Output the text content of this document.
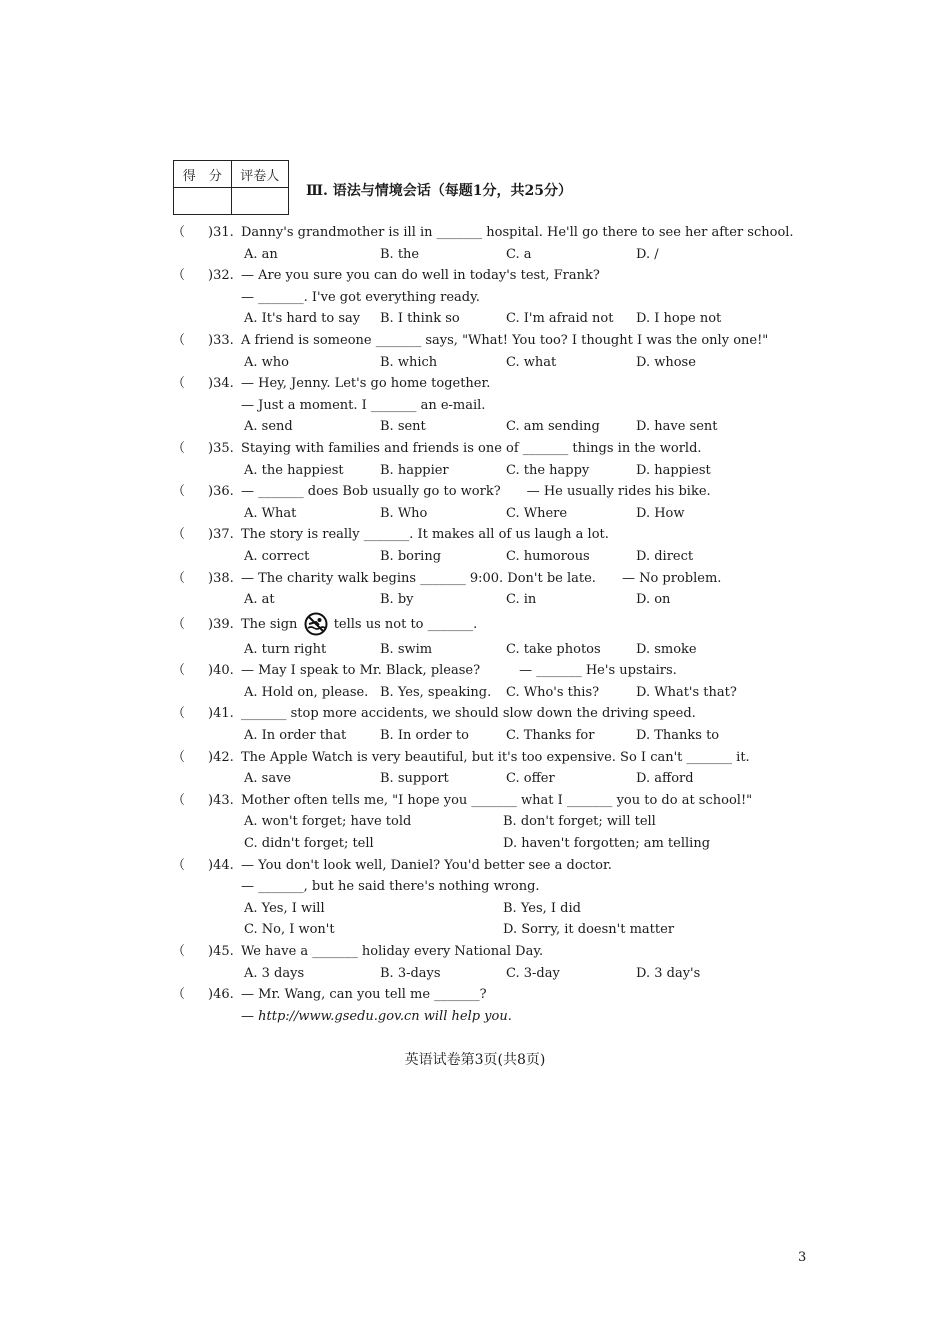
得　分	评卷人

Ⅲ. 语法与情境会话（每题1分，共25分）
（ )31. Danny's grandmother is ill in _______ hospital. He'll go there to see her after school.
A. an	B. the	C. a	D. /
（ )32. — Are you sure you can do well in today's test, Frank?
— _______. I've got everything ready.
A. It's hard to say B. I think so	C. I'm afraid not D. I hope not
（ )33. A friend is someone _______ says, "What! You too? I thought I was the only one!"
A. who	B. which	C. what	D. whose
（ )34. — Hey, Jenny. Let's go home together.
— Just a moment. I _______ an e-mail.
A. send	B. sent	C. am sending	D. have sent
（ )35. Staying with families and friends is one of _______ things in the world.
A. the happiest	B. happier	C. the happy	D. happiest
（ )36. — _______ does Bob usually go to work?　　— He usually rides his bike.
A. What	B. Who	C. Where	D. How
（ )37. The story is really _______. It makes all of us laugh a lot.
A. correct	B. boring	C. humorous	D. direct
（ )38. — The charity walk begins _______ 9:00. Don't be late.　　— No problem.
A. at	B. by	C. in	D. on
（ )39. The sign	tells us not to _______.
A. turn right	B. swim	C. take photos	D. smoke
（ )40. — May I speak to Mr. Black, please?　　　— _______ He's upstairs.
A. Hold on, please. B. Yes, speaking. C. Who's this?	D. What's that?
（ )41. _______ stop more accidents, we should slow down the driving speed.
A. In order that	B. In order to	C. Thanks for	D. Thanks to
（ )42. The Apple Watch is very beautiful, but it's too expensive. So I can't _______ it.
A. save	B. support	C. offer	D. afford
（ )43. Mother often tells me, "I hope you _______ what I _______ you to do at school!"
A. won't forget; have told	B. don't forget; will tell
C. didn't forget; tell	D. haven't forgotten; am telling
（ )44. — You don't look well, Daniel? You'd better see a doctor.
— _______, but he said there's nothing wrong.
A. Yes, I will	B. Yes, I did
C. No, I won't	D. Sorry, it doesn't matter
（ )45. We have a _______ holiday every National Day.
A. 3 days	B. 3-days	C. 3-day	D. 3 day's
（ )46. — Mr. Wang, can you tell me _______?
— http://www.gsedu.gov.cn will help you.
英语试卷第3页(共8页)
3
